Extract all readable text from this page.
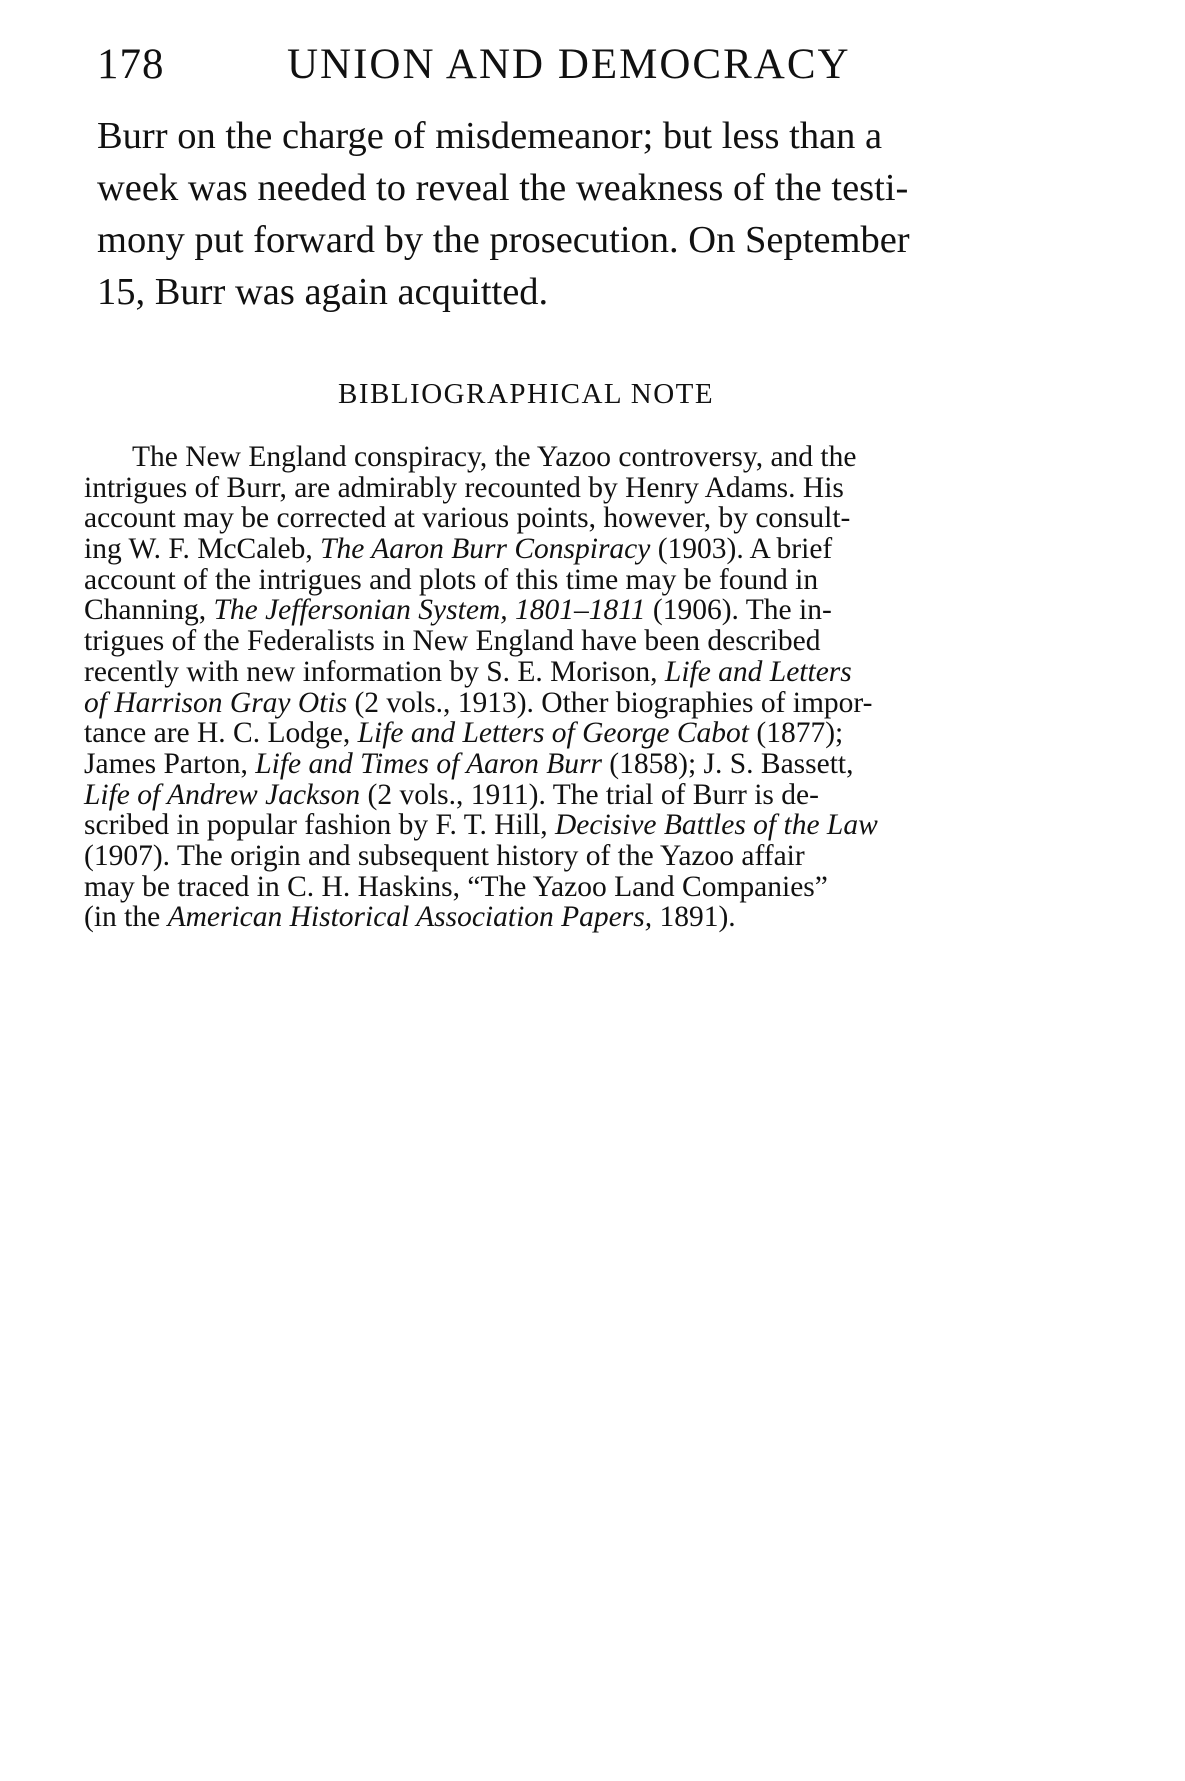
178	UNION AND DEMOCRACY
Burr on the charge of misdemeanor; but less than a
week was needed to reveal the weakness of the testi-
mony put forward by the prosecution. On September
15, Burr was again acquitted.
BIBLIOGRAPHICAL NOTE
The New England conspiracy, the Yazoo controversy, and the
intrigues of Burr, are admirably recounted by Henry Adams. His
account may be corrected at various points, however, by consult-
ing W. F. McCaleb, The Aaron Burr Conspiracy (1903). A brief
account of the intrigues and plots of this time may be found in
Channing, The Jeffersonian System, 1801–1811 (1906). The in-
trigues of the Federalists in New England have been described
recently with new information by S. E. Morison, Life and Letters
of Harrison Gray Otis (2 vols., 1913). Other biographies of impor-
tance are H. C. Lodge, Life and Letters of George Cabot (1877);
James Parton, Life and Times of Aaron Burr (1858); J. S. Bassett,
Life of Andrew Jackson (2 vols., 1911). The trial of Burr is de-
scribed in popular fashion by F. T. Hill, Decisive Battles of the Law
(1907). The origin and subsequent history of the Yazoo affair
may be traced in C. H. Haskins, “The Yazoo Land Companies”
(in the American Historical Association Papers, 1891).
